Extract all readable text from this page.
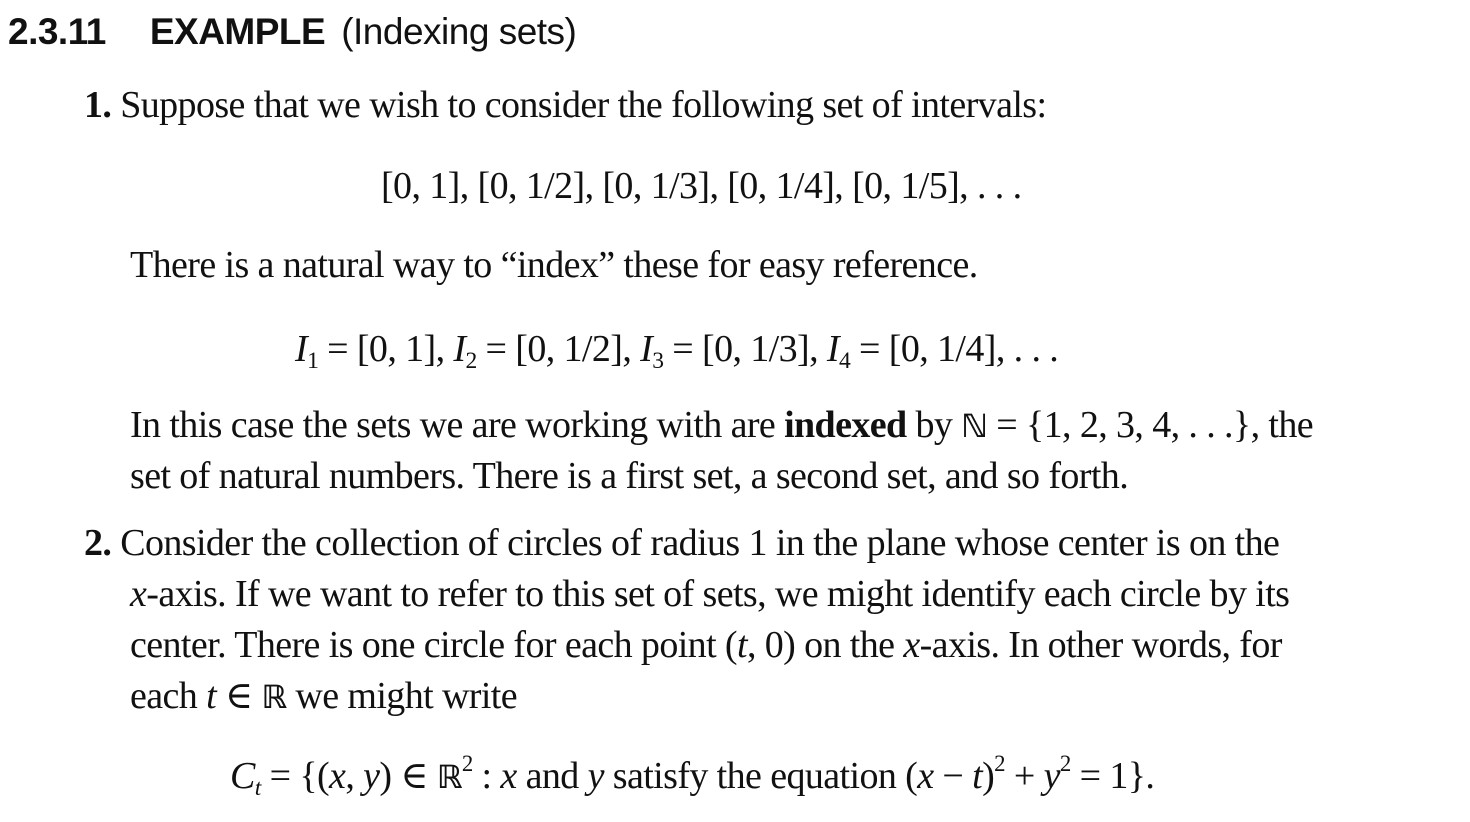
2.3.11 EXAMPLE (Indexing sets)
1. Suppose that we wish to consider the following set of intervals:
[0, 1], [0, 1/2], [0, 1/3], [0, 1/4], [0, 1/5], . . .
There is a natural way to “index” these for easy reference.
$I_1 = [0$, 1], $I_2 = [0$, 1/2], $I_3 = [0$, 1/3], $I_4 = [0$, 1/4], . . .
In this case the sets we are working with are indexed by ℕ = {1, 2, 3, 4, . . .}, the
set of natural numbers. There is a first set, a second set, and so forth.
2. Consider the collection of circles of radius 1 in the plane whose center is on the
x-axis. If we want to refer to this set of sets, we might identify each circle by its
center. There is one circle for each point (t, 0) on the x-axis. In other words, for
each t ∈ ℝ we might write
$C_t = \{(x$, y) ∈ ℝ$^2$ : x and y satisfy the equation $(x - t)^2 + y^2 = 1$}.
